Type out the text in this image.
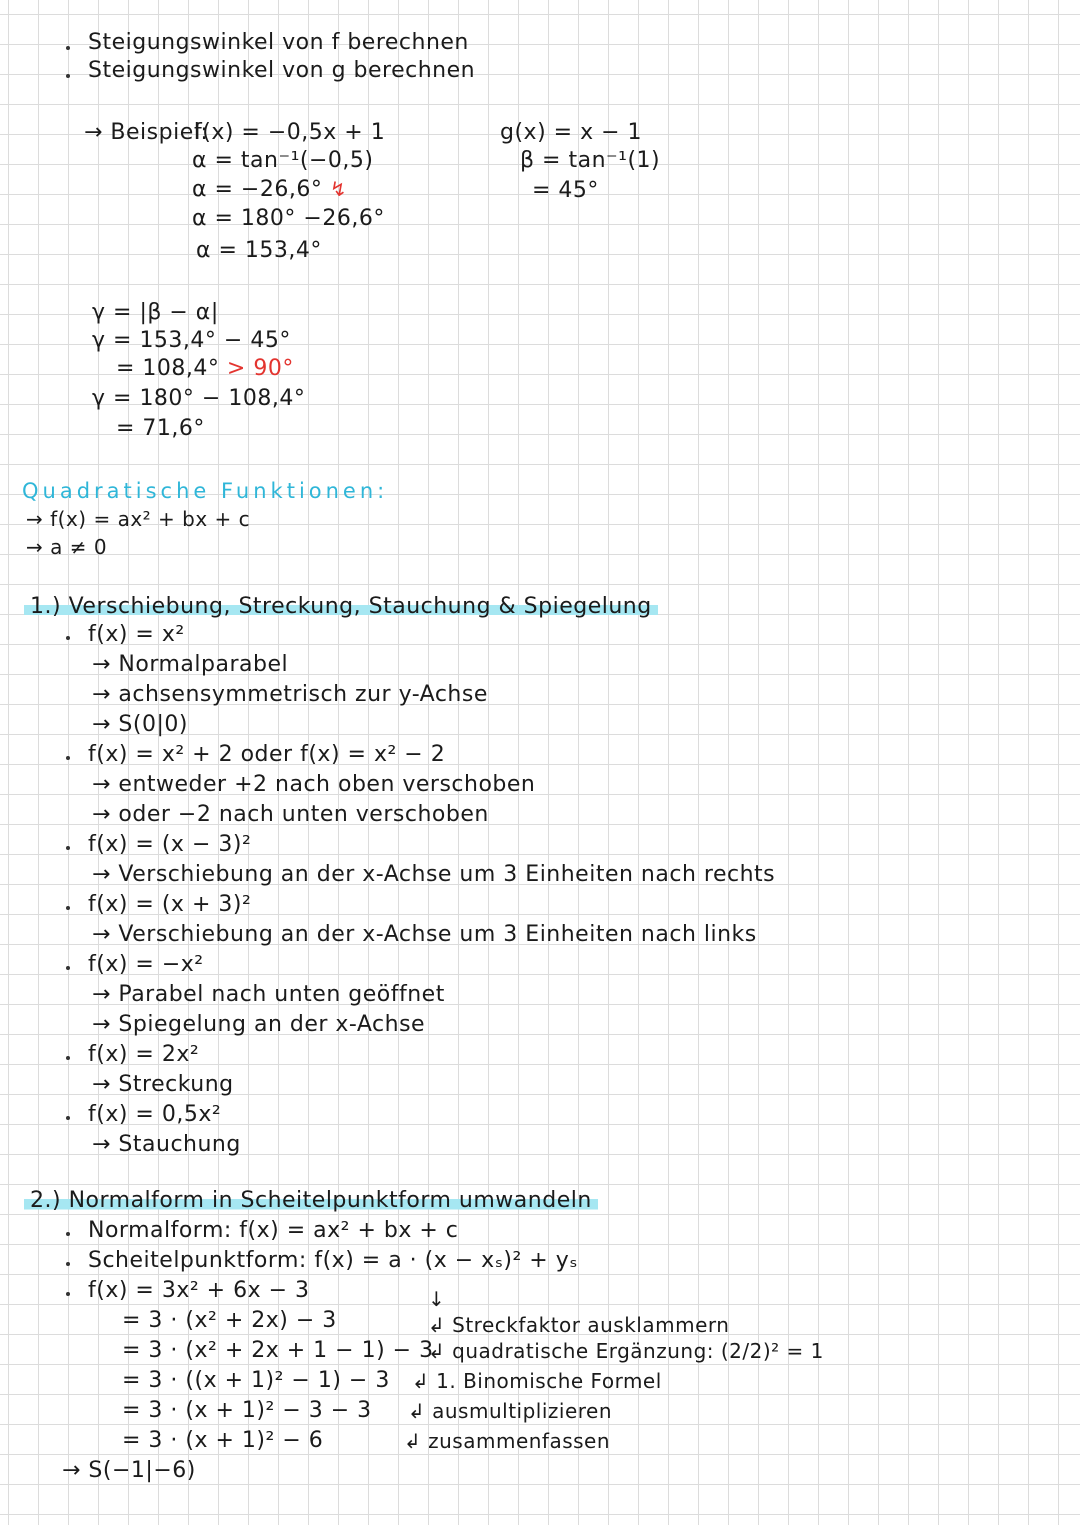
Steigungswinkel von f berechnen
Steigungswinkel von g berechnen
→ Beispiel:
f(x) = −0,5x + 1
α = tan⁻¹(−0,5)
α = −26,6° ↯
α = 180° −26,6°
α = 153,4°
g(x) = x − 1
β = tan⁻¹(1)
= 45°
γ = |β − α|
γ = 153,4° − 45°
= 108,4° > 90°
γ = 180° − 108,4°
= 71,6°
Quadratische Funktionen:
→ f(x) = ax² + bx + c
→ a ≠ 0
1.) Verschiebung, Streckung, Stauchung & Spiegelung
f(x) = x²
→ Normalparabel
→ achsensymmetrisch zur y-Achse
→ S(0|0)
f(x) = x² + 2 oder f(x) = x² − 2
→ entweder +2 nach oben verschoben
→ oder −2 nach unten verschoben
f(x) = (x − 3)²
→ Verschiebung an der x-Achse um 3 Einheiten nach rechts
f(x) = (x + 3)²
→ Verschiebung an der x-Achse um 3 Einheiten nach links
f(x) = −x²
→ Parabel nach unten geöffnet
→ Spiegelung an der x-Achse
f(x) = 2x²
→ Streckung
f(x) = 0,5x²
→ Stauchung
2.) Normalform in Scheitelpunktform umwandeln
Normalform: f(x) = ax² + bx + c
Scheitelpunktform: f(x) = a · (x − xₛ)² + yₛ
f(x) = 3x² + 6x − 3
= 3 · (x² + 2x) − 3
= 3 · (x² + 2x + 1 − 1) − 3
= 3 · ((x + 1)² − 1) − 3
= 3 · (x + 1)² − 3 − 3
= 3 · (x + 1)² − 6
→ S(−1|−6)
↓
↲ Streckfaktor ausklammern
↲ quadratische Ergänzung: (2/2)² = 1
↲ 1. Binomische Formel
↲ ausmultiplizieren
↲ zusammenfassen
